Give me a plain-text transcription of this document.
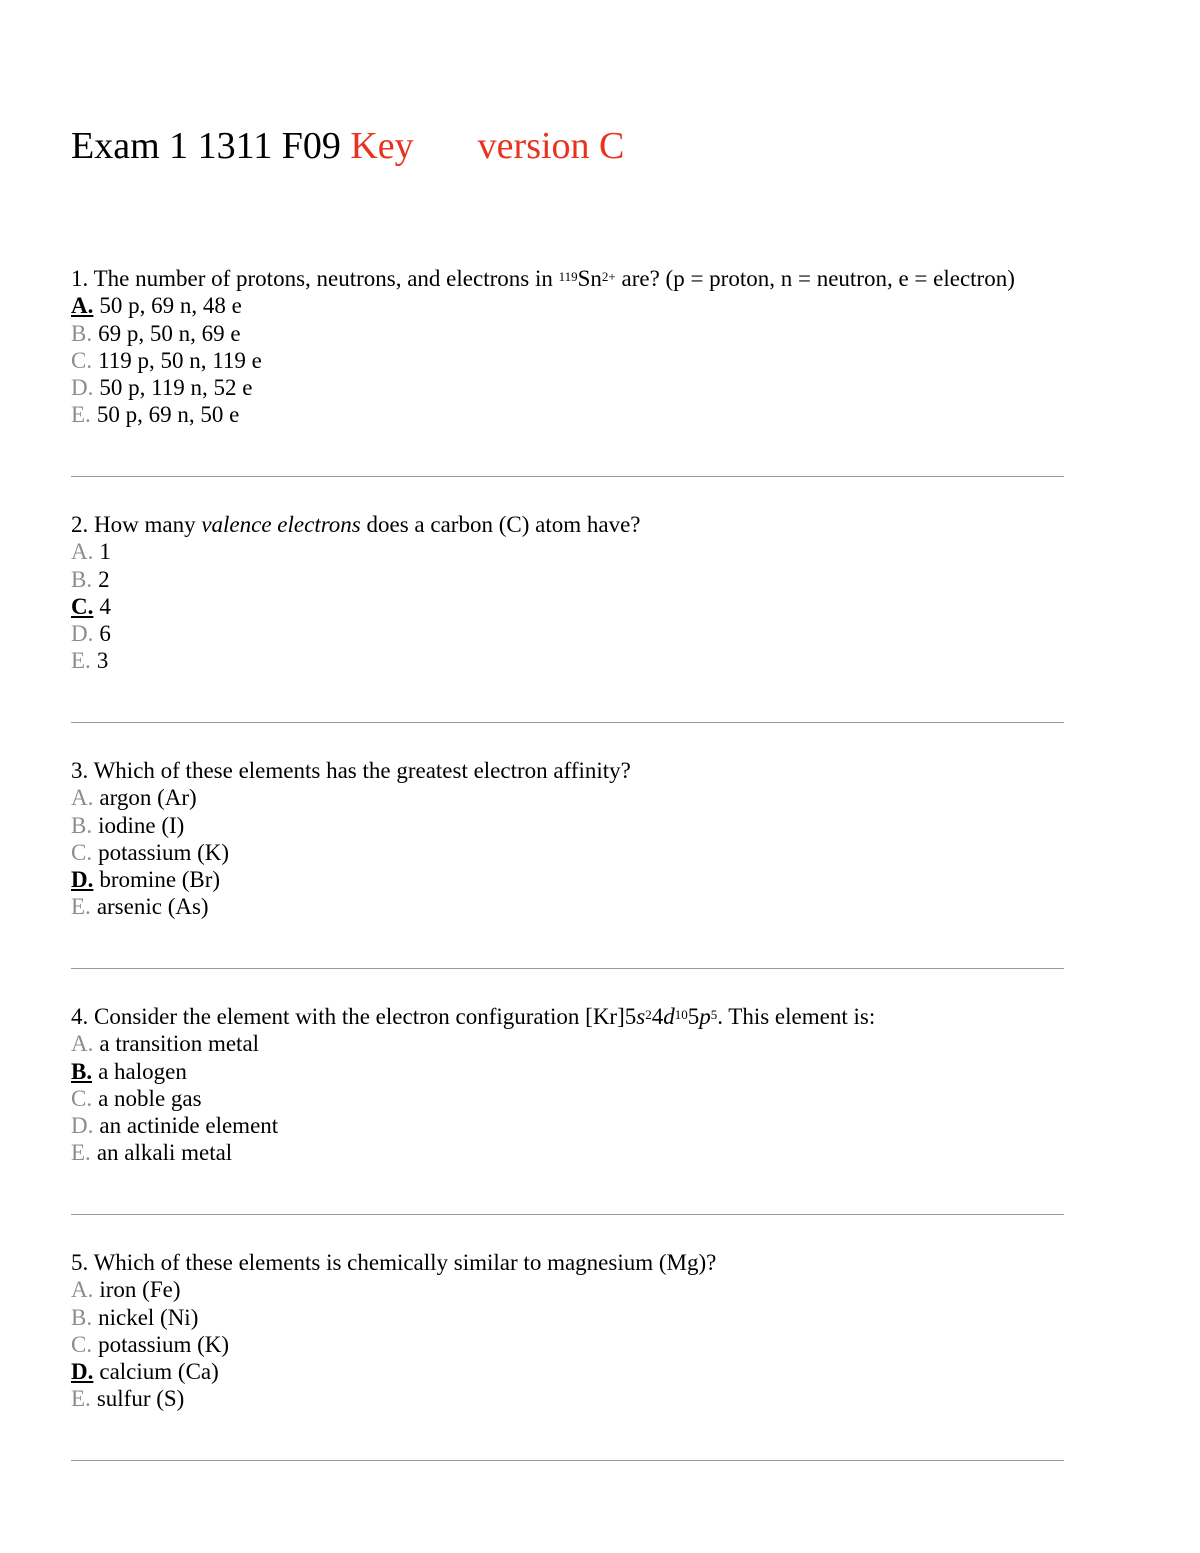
Exam 1 1311 F09 Key version C
1. The number of protons, neutrons, and electrons in $^{119}Sn^{2+}$ are? (p = proton, n = neutron, e = electron)
A. 50 p, 69 n, 48 e
B. 69 p, 50 n, 69 e
C. 119 p, 50 n, 119 e
D. 50 p, 119 n, 52 e
E. 50 p, 69 n, 50 e
2. How many valence electrons does a carbon (C) atom have?
A. 1
B. 2
C. 4
D. 6
E. 3
3. Which of these elements has the greatest electron affinity?
A. argon (Ar)
B. iodine (I)
C. potassium (K)
D. bromine (Br)
E. arsenic (As)
4. Consider the element with the electron configuration $[Kr]5s^24d^{10}5p^5$. This element is:
A. a transition metal
B. a halogen
C. a noble gas
D. an actinide element
E. an alkali metal
5. Which of these elements is chemically similar to magnesium (Mg)?
A. iron (Fe)
B. nickel (Ni)
C. potassium (K)
D. calcium (Ca)
E. sulfur (S)
